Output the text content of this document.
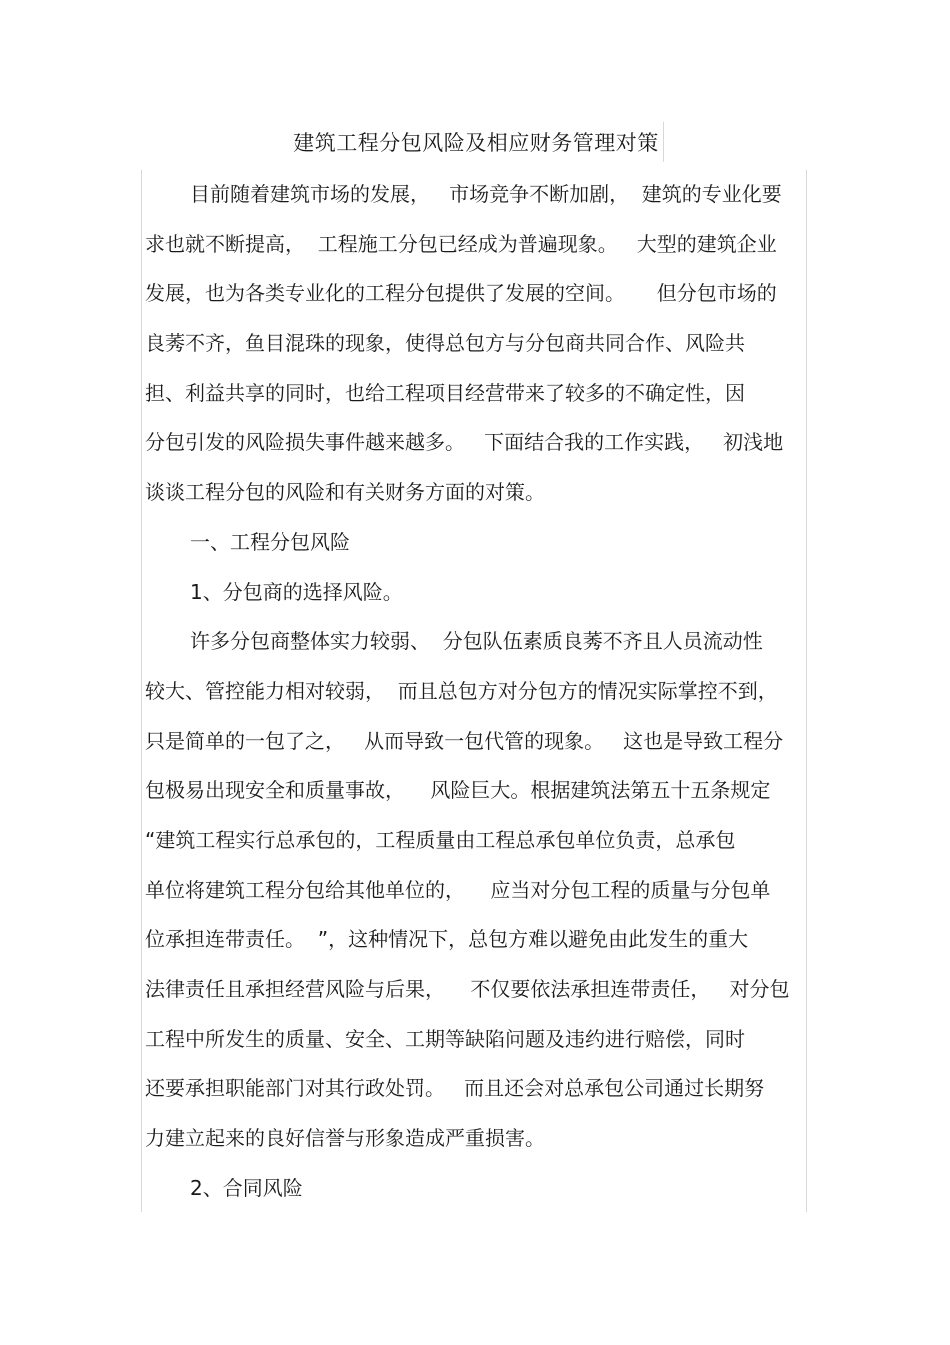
建筑工程分包风险及相应财务管理对策
目前随着建筑市场的发展，   市场竞争不断加剧，  建筑的专业化要
求也就不断提高，  工程施工分包已经成为普遍现象。   大型的建筑企业
发展，也为各类专业化的工程分包提供了发展的空间。     但分包市场的
良莠不齐，鱼目混珠的现象，使得总包方与分包商共同合作、风险共
担、利益共享的同时，也给工程项目经营带来了较多的不确定性，因
分包引发的风险损失事件越来越多。   下面结合我的工作实践，   初浅地
谈谈工程分包的风险和有关财务方面的对策。
一、工程分包风险
1、分包商的选择风险。
许多分包商整体实力较弱、  分包队伍素质良莠不齐且人员流动性
较大、管控能力相对较弱，  而且总包方对分包方的情况实际掌控不到，
只是简单的一包了之，   从而导致一包代管的现象。   这也是导致工程分
包极易出现安全和质量事故，    风险巨大。根据建筑法第五十五条规定
“建筑工程实行总承包的，工程质量由工程总承包单位负责，总承包
单位将建筑工程分包给其他单位的，    应当对分包工程的质量与分包单
位承担连带责任。  ”，这种情况下，总包方难以避免由此发生的重大
法律责任且承担经营风险与后果，    不仅要依法承担连带责任，   对分包
工程中所发生的质量、安全、工期等缺陷问题及违约进行赔偿，同时
还要承担职能部门对其行政处罚。   而且还会对总承包公司通过长期努
力建立起来的良好信誉与形象造成严重损害。
2、合同风险
